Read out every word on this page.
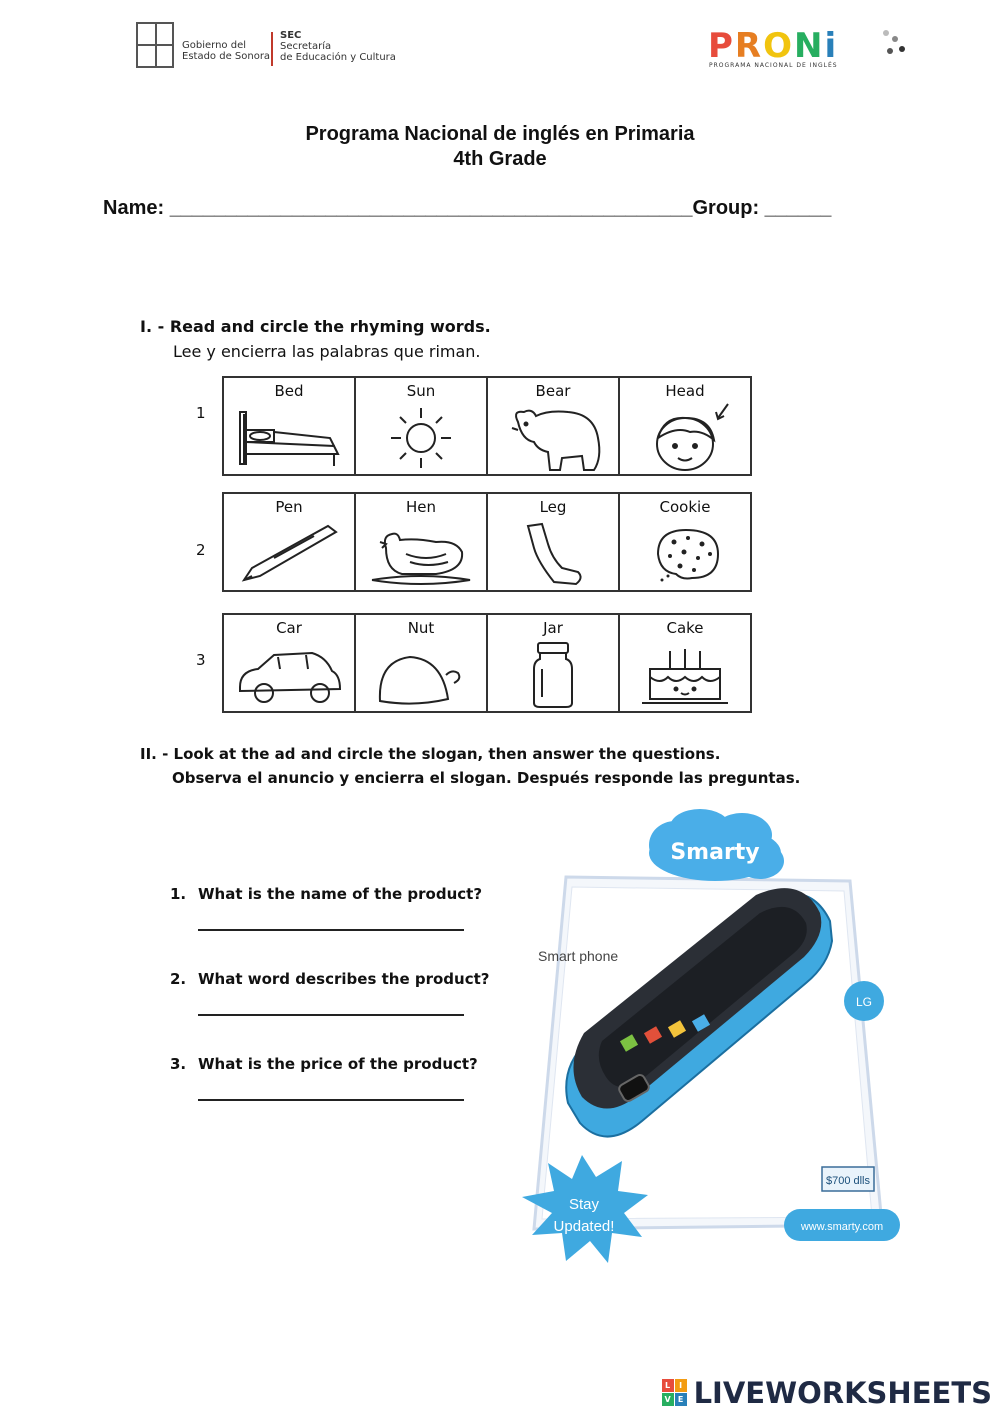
Gobierno del
Estado de Sonora
SEC
Secretaría
de Educación y Cultura	PRONi
PROGRAMA NACIONAL DE INGLÉS
Programa Nacional de inglés en Primaria
4th Grade
Name: _______________________________________________Group: ______
I. - Read and circle the rhyming words.
Lee y encierra las palabras que riman.
1
Bed	Sun	Bear	Head
2
Pen	Hen	Leg	Cookie
3
Car	Nut	Jar	Cake
II. - Look at the ad and circle the slogan, then answer the questions.
Observa el anuncio y encierra el slogan. Después responde las preguntas.
1. What is the name of the product?
2. What word describes the product?
3. What is the price of the product?
Smarty
Smart phone
LG
$700 dlls
Stay
Updated!	www.smarty.com
L	I
V E LIVEWORKSHEETS
